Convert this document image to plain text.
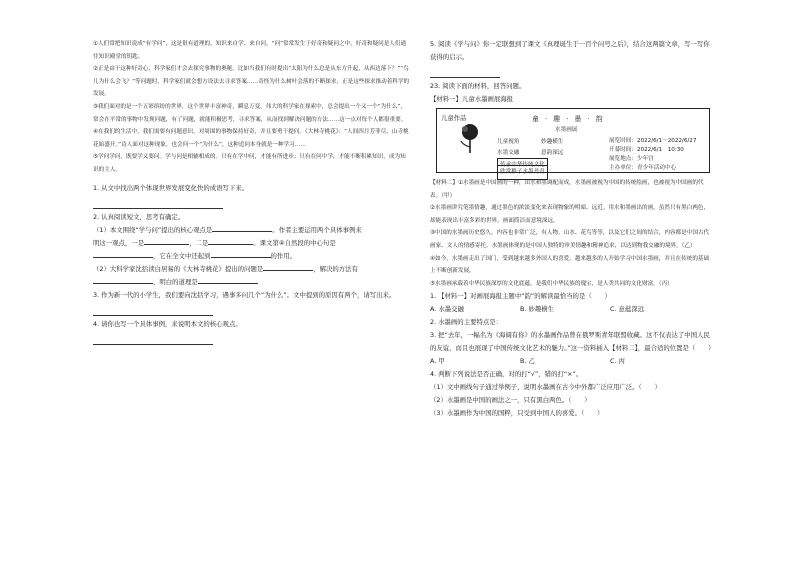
①人们常把知识说成“有学问”，这是很有道理的。知识来自学、来自问。“问”常常发生于好奇和疑问之中，好奇和疑问是人们通往知识殿堂的钥匙。

②正是由于这种好奇心，科学家们才会去探究事物的奥秘。比如当我们有时提出“太阳为什么总是从东方升起，从西边落下？”“鸟儿为什么会飞？”等问题时，科学家们就会想方设法去寻求答案……奇怪为什么树叶会落的不断探求，正是这些探求推动着科学的发展。

③我们面对的是一个五彩缤纷的世界，这个世界丰富神奇，瞬息万变。伟大的科学家在探索中，总会提出一个又一个“为什么”，常会在平常的事物中发现问题，有了问题，就能积极思考，寻求答案，从而找到解决问题的方法……这一点对每个人都很重要。

④在我们的生活中，我们需要有问题意识，对周围的事物保持好奇，并且要勇于提问。《大林寺桃花》：“人间四月芳菲尽，山寺桃花始盛开。”诗人面对这种现象，也会问一个“为什么”，这种追问本身就是一种学习……

⑤学问学问，既要学又要问。学与问是相辅相成的。只有在学中问，才能有所进步；只有在问中学，才能不断积累知识，成为知识的主人。

1. 从文中找出两个体现世界发展变化快的成语写下来。

2. 认真阅读短文，思考有确定。

（1）本文围绕“学与问”提出的核心观点是	。作者主要运用两个具体事例来

明这一观点，一是	，二是	。课文第④自然段的中心句是

，它在全文中还起到	的作用。

（2）大科学家沈括读白居易的《大林寺桃花》提出的问题是	，解决的方法有

，明白的道理是

3. 作为新一代的小学生，我们要向沈括学习，遇事多问几个“为什么”。文中提到的原因有两个，请写出来。

4. 请你也写一个具体事例，来说明本文的核心观点。

5. 阅读《学与问》你一定联想到了课文《真理诞生于一百个问号之后》，结合这两篇文章，写一写你获得的启示。

23. 阅读下面的材料，回答问题。

【材料一】儿童水墨画展海报

儿童作品	童 · 趣 · 墨 · 韵
水墨画展
儿童视角	妙趣横生
水墨交融	意韵深远
传承中华传统文化
欣赏稚子水墨丹青
展览时间：2022/6/1～2022/6/27
开幕时间：2022/6/1　10:30
展览地点：少年宫
主办单位：青少年活动中心

【材料二】①水墨画是中国画的一种，由水和墨调配而成，水墨画被视为中国的传统绘画，也被视为中国画的代表。（甲）

②水墨画讲究笔墨情趣，通过墨色的浓淡变化来表现物象的明暗、远近。用水和墨画出的画，虽然只有黑白两色，却能表现出丰富多彩的世界，画面简洁而意境深远。

③中国的水墨画历史悠久，内容也非常广泛，有人物、山水、花鸟等等，以及它们之间的结合，内容都是中国古代画家、文人的情感寄托。水墨画体现的是中国人独特的审美情趣和精神追求，以达到物我交融的境界。（乙）

④如今，水墨画走出了国门，受到越来越多外国人的喜爱。越来越多的人开始学习中国水墨画，并且在传统的基础上不断创新发展。

⑤水墨画承载着中华民族深厚的文化底蕴，是我们中华民族的瑰宝，是人类共同的文化财富。（丙）

1. 【材料一】对画展海报主题中“韵”的解读最恰当的是（　　）

A. 水墨交融	B. 妙趣横生	C. 意蕴深远

2. 水墨画的主要特点是：

3. 把“去年，一幅名为《海阔有你》的水墨画作品曾在俄罗斯青年联盟收藏。这不仅表达了中国人民的友谊，而且也展现了中国传统文化艺术的魅力。”这一资料插入【材料二】，最合适的位置是（　　）

A. 甲	B. 乙	C. 丙

4. 判断下列说法是否正确，对的打“√”，错的打“×”。

（1）文中画线句子通过举例子，说明水墨画在古今中外都广泛应用广泛。（　　）

（2）水墨画是中国的画法之一，只有黑白两色。（　　）

（3）水墨画作为中国的国粹，只受到中国人的喜爱。（　　）
